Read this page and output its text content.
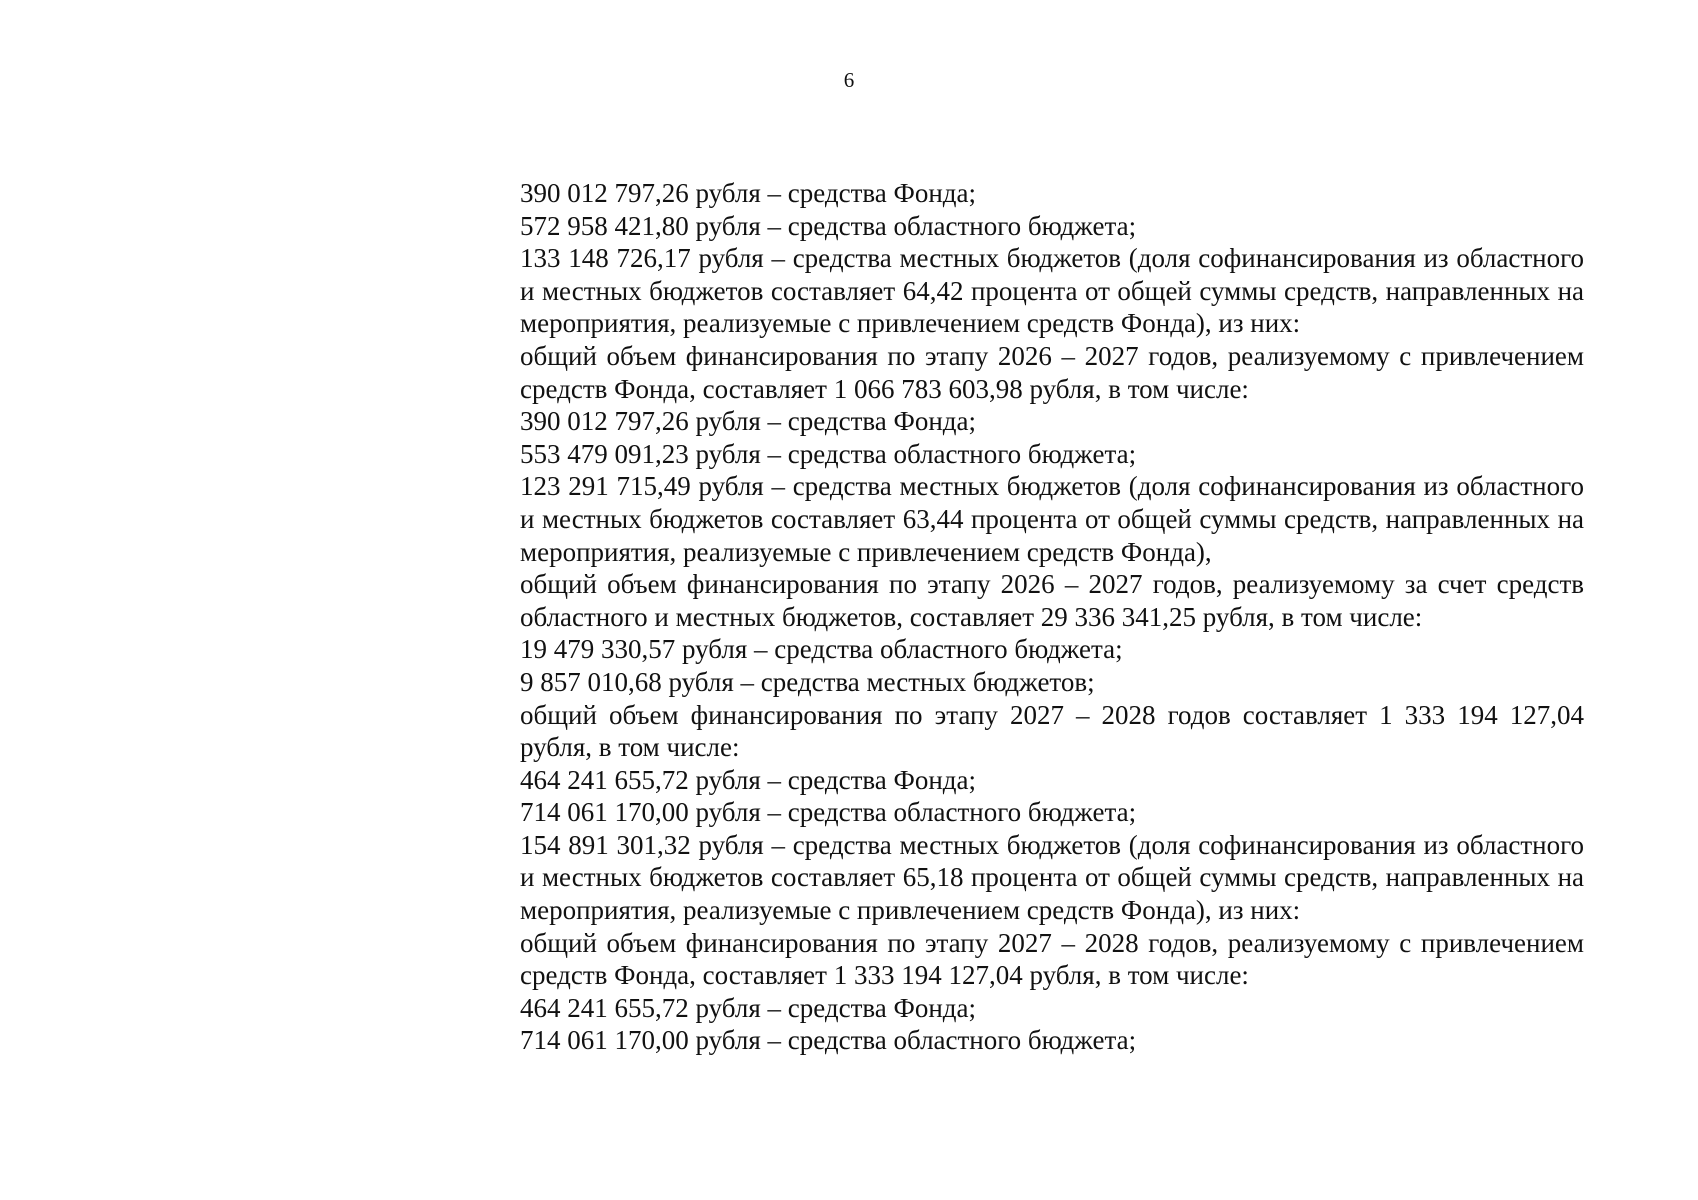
6

390 012 797,26 рубля – средства Фонда;

572 958 421,80 рубля – средства областного бюджета;

133 148 726,17 рубля – средства местных бюджетов (доля софинансирования из областного и местных бюджетов составляет 64,42 процента от общей суммы средств, направленных на мероприятия, реализуемые с привлечением средств Фонда), из них:

общий объем финансирования по этапу 2026 – 2027 годов, реализуемому с привлечением средств Фонда, составляет 1 066 783 603,98 рубля, в том числе:

390 012 797,26 рубля – средства Фонда;

553 479 091,23 рубля – средства областного бюджета;

123 291 715,49 рубля – средства местных бюджетов (доля софинансирования из областного и местных бюджетов составляет 63,44 процента от общей суммы средств, направленных на мероприятия, реализуемые с привлечением средств Фонда),

общий объем финансирования по этапу 2026 – 2027 годов, реализуемому за счет средств областного и местных бюджетов, составляет 29 336 341,25 рубля, в том числе:

19 479 330,57 рубля – средства областного бюджета;

9 857 010,68 рубля – средства местных бюджетов;

общий объем финансирования по этапу 2027 – 2028 годов составляет 1 333 194 127,04 рубля, в том числе:

464 241 655,72 рубля – средства Фонда;

714 061 170,00 рубля – средства областного бюджета;

154 891 301,32 рубля – средства местных бюджетов (доля софинансирования из областного и местных бюджетов составляет 65,18 процента от общей суммы средств, направленных на мероприятия, реализуемые с привлечением средств Фонда), из них:

общий объем финансирования по этапу 2027 – 2028 годов, реализуемому с привлечением средств Фонда, составляет 1 333 194 127,04 рубля, в том числе:

464 241 655,72 рубля – средства Фонда;

714 061 170,00 рубля – средства областного бюджета;
